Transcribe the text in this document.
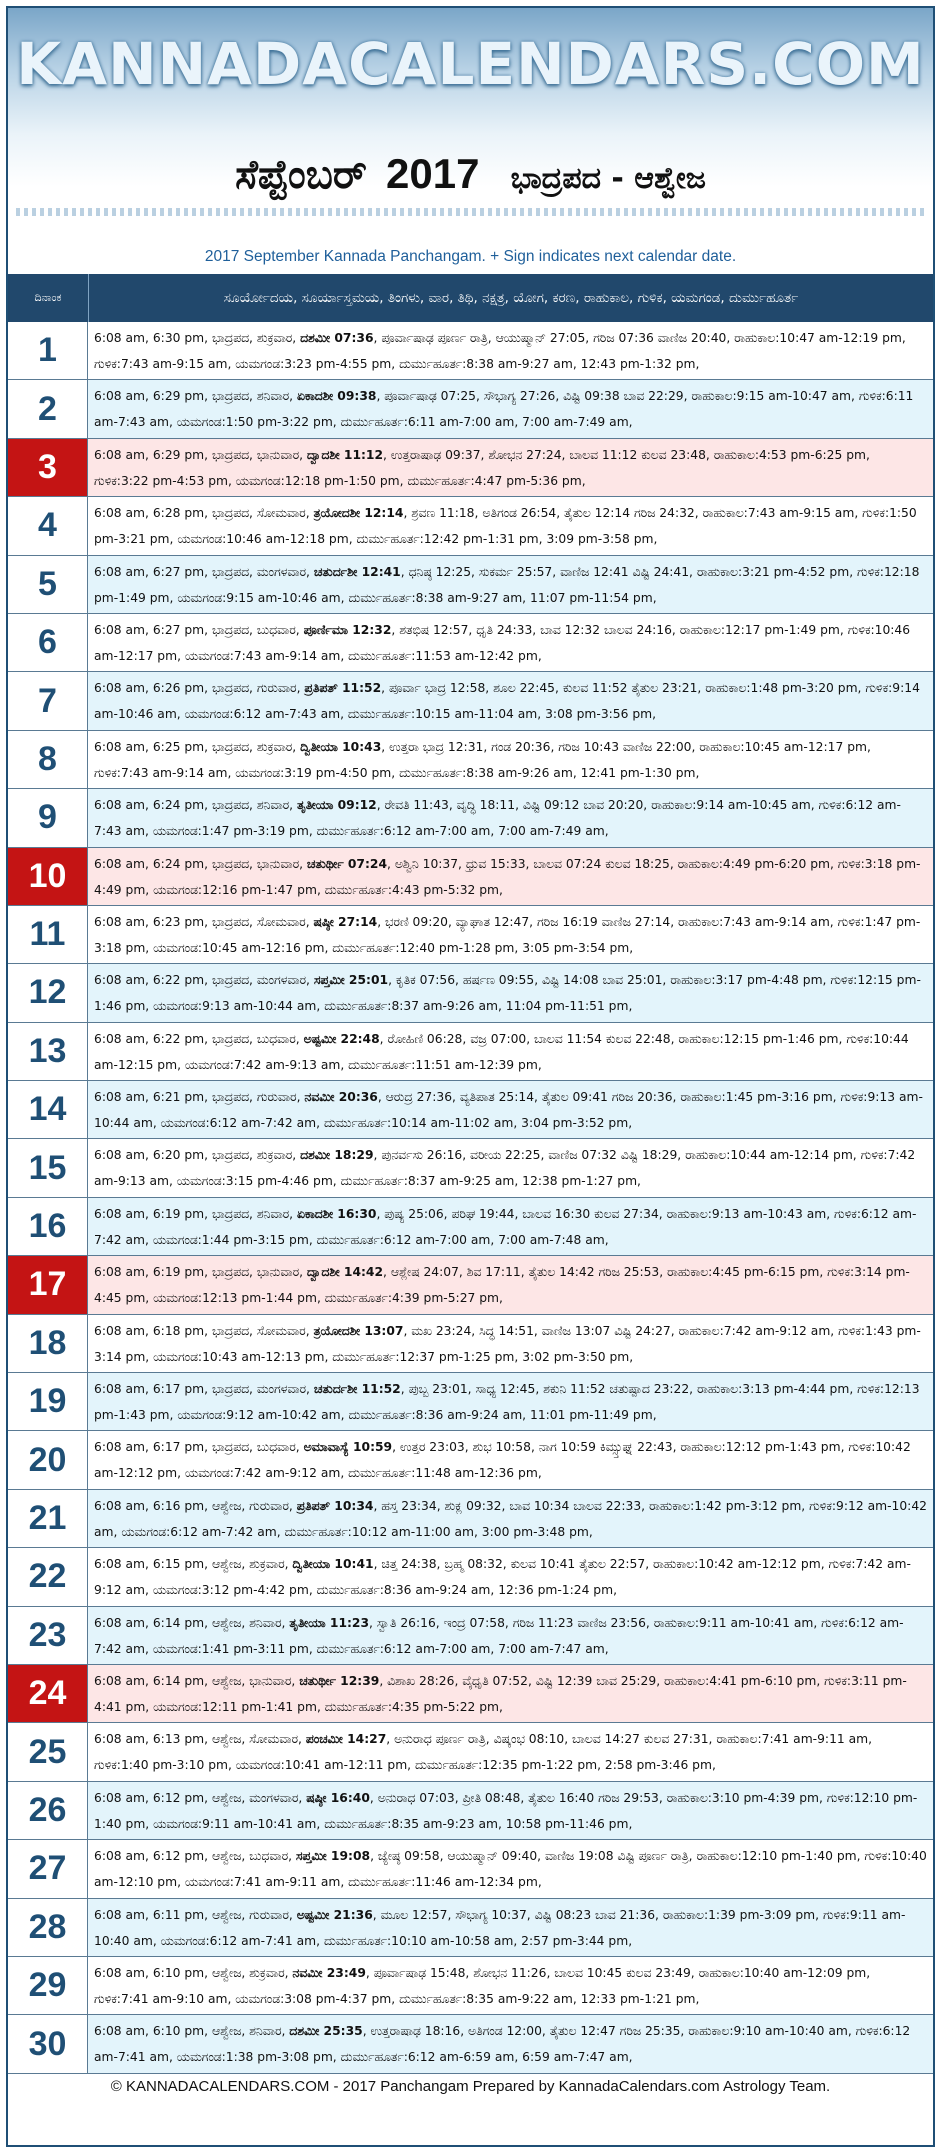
KANNADACALENDARS.COM
ಸೆಪ್ಟೆಂಬರ್ 2017 ಭಾದ್ರಪದ - ಆಶ್ವೇಜ
2017 September Kannada Panchangam. + Sign indicates next calendar date.
ದಿನಾಂಕ	ಸೂರ್ಯೋದಯ, ಸೂರ್ಯಾಸ್ತಮಯ, ತಿಂಗಳು, ವಾರ, ತಿಥಿ, ನಕ್ಷತ್ರ, ಯೋಗ, ಕರಣ, ರಾಹುಕಾಲ, ಗುಳಿಕ, ಯಮಗಂಡ, ದುರ್ಮುಹೂರ್ತ
1	6:08 am, 6:30 pm, ಭಾದ್ರಪದ, ಶುಕ್ರವಾರ, ದಶಮೀ 07:36, ಪೂರ್ವಾಷಾಢ ಪೂರ್ಣ ರಾತ್ರಿ, ಆಯುಷ್ಮಾನ್ 27:05, ಗರಿಜ 07:36 ವಾಣಿಜ 20:40, ರಾಹುಕಾಲ:10:47 am-12:19 pm, ಗುಳಿಕ:7:43 am-9:15 am, ಯಮಗಂಡ:3:23 pm-4:55 pm, ದುರ್ಮುಹೂರ್ತ:8:38 am-9:27 am, 12:43 pm-1:32 pm,
2	6:08 am, 6:29 pm, ಭಾದ್ರಪದ, ಶನಿವಾರ, ಏಕಾದಶೀ 09:38, ಪೂರ್ವಾಷಾಢ 07:25, ಸೌಭಾಗ್ಯ 27:26, ವಿಷ್ಟಿ 09:38 ಬಾವ 22:29, ರಾಹುಕಾಲ:9:15 am-10:47 am, ಗುಳಿಕ:6:11 am-7:43 am, ಯಮಗಂಡ:1:50 pm-3:22 pm, ದುರ್ಮುಹೂರ್ತ:6:11 am-7:00 am, 7:00 am-7:49 am,
3	6:08 am, 6:29 pm, ಭಾದ್ರಪದ, ಭಾನುವಾರ, ದ್ವಾದಶೀ 11:12, ಉತ್ತರಾಷಾಢ 09:37, ಶೋಭನ 27:24, ಬಾಲವ 11:12 ಕುಲವ 23:48, ರಾಹುಕಾಲ:4:53 pm-6:25 pm, ಗುಳಿಕ:3:22 pm-4:53 pm, ಯಮಗಂಡ:12:18 pm-1:50 pm, ದುರ್ಮುಹೂರ್ತ:4:47 pm-5:36 pm,
4	6:08 am, 6:28 pm, ಭಾದ್ರಪದ, ಸೋಮವಾರ, ತ್ರಯೋದಶೀ 12:14, ಶ್ರವಣ 11:18, ಅತಿಗಂಡ 26:54, ತೈತುಲ 12:14 ಗರಿಜ 24:32, ರಾಹುಕಾಲ:7:43 am-9:15 am, ಗುಳಿಕ:1:50 pm-3:21 pm, ಯಮಗಂಡ:10:46 am-12:18 pm, ದುರ್ಮುಹೂರ್ತ:12:42 pm-1:31 pm, 3:09 pm-3:58 pm,
5	6:08 am, 6:27 pm, ಭಾದ್ರಪದ, ಮಂಗಳವಾರ, ಚತುರ್ದಶೀ 12:41, ಧನಿಷ್ಠ 12:25, ಸುಕರ್ಮ 25:57, ವಾಣಿಜ 12:41 ವಿಷ್ಟಿ 24:41, ರಾಹುಕಾಲ:3:21 pm-4:52 pm, ಗುಳಿಕ:12:18 pm-1:49 pm, ಯಮಗಂಡ:9:15 am-10:46 am, ದುರ್ಮುಹೂರ್ತ:8:38 am-9:27 am, 11:07 pm-11:54 pm,
6	6:08 am, 6:27 pm, ಭಾದ್ರಪದ, ಬುಧವಾರ, ಪೂರ್ಣಿಮಾ 12:32, ಶತಭಿಷ 12:57, ಧೃತಿ 24:33, ಬಾವ 12:32 ಬಾಲವ 24:16, ರಾಹುಕಾಲ:12:17 pm-1:49 pm, ಗುಳಿಕ:10:46 am-12:17 pm, ಯಮಗಂಡ:7:43 am-9:14 am, ದುರ್ಮುಹೂರ್ತ:11:53 am-12:42 pm,
7	6:08 am, 6:26 pm, ಭಾದ್ರಪದ, ಗುರುವಾರ, ಪ್ರತಿಪತ್ 11:52, ಪೂರ್ವಾ ಭಾದ್ರ 12:58, ಶೂಲ 22:45, ಕುಲವ 11:52 ತೈತುಲ 23:21, ರಾಹುಕಾಲ:1:48 pm-3:20 pm, ಗುಳಿಕ:9:14 am-10:46 am, ಯಮಗಂಡ:6:12 am-7:43 am, ದುರ್ಮುಹೂರ್ತ:10:15 am-11:04 am, 3:08 pm-3:56 pm,
8	6:08 am, 6:25 pm, ಭಾದ್ರಪದ, ಶುಕ್ರವಾರ, ದ್ವಿತೀಯಾ 10:43, ಉತ್ತರಾ ಭಾದ್ರ 12:31, ಗಂಡ 20:36, ಗರಿಜ 10:43 ವಾಣಿಜ 22:00, ರಾಹುಕಾಲ:10:45 am-12:17 pm, ಗುಳಿಕ:7:43 am-9:14 am, ಯಮಗಂಡ:3:19 pm-4:50 pm, ದುರ್ಮುಹೂರ್ತ:8:38 am-9:26 am, 12:41 pm-1:30 pm,
9	6:08 am, 6:24 pm, ಭಾದ್ರಪದ, ಶನಿವಾರ, ತೃತೀಯಾ 09:12, ರೇವತಿ 11:43, ವೃದ್ಧಿ 18:11, ವಿಷ್ಟಿ 09:12 ಬಾವ 20:20, ರಾಹುಕಾಲ:9:14 am-10:45 am, ಗುಳಿಕ:6:12 am-7:43 am, ಯಮಗಂಡ:1:47 pm-3:19 pm, ದುರ್ಮುಹೂರ್ತ:6:12 am-7:00 am, 7:00 am-7:49 am,
10	6:08 am, 6:24 pm, ಭಾದ್ರಪದ, ಭಾನುವಾರ, ಚತುರ್ಥೀ 07:24, ಅಶ್ವಿನಿ 10:37, ಧ್ರುವ 15:33, ಬಾಲವ 07:24 ಕುಲವ 18:25, ರಾಹುಕಾಲ:4:49 pm-6:20 pm, ಗುಳಿಕ:3:18 pm-4:49 pm, ಯಮಗಂಡ:12:16 pm-1:47 pm, ದುರ್ಮುಹೂರ್ತ:4:43 pm-5:32 pm,
11	6:08 am, 6:23 pm, ಭಾದ್ರಪದ, ಸೋಮವಾರ, ಷಷ್ಠೀ 27:14, ಭರಣಿ 09:20, ವ್ಯಾಘಾತ 12:47, ಗರಿಜ 16:19 ವಾಣಿಜ 27:14, ರಾಹುಕಾಲ:7:43 am-9:14 am, ಗುಳಿಕ:1:47 pm-3:18 pm, ಯಮಗಂಡ:10:45 am-12:16 pm, ದುರ್ಮುಹೂರ್ತ:12:40 pm-1:28 pm, 3:05 pm-3:54 pm,
12	6:08 am, 6:22 pm, ಭಾದ್ರಪದ, ಮಂಗಳವಾರ, ಸಪ್ತಮೀ 25:01, ಕೃತಿಕ 07:56, ಹರ್ಷಣ 09:55, ವಿಷ್ಟಿ 14:08 ಬಾವ 25:01, ರಾಹುಕಾಲ:3:17 pm-4:48 pm, ಗುಳಿಕ:12:15 pm-1:46 pm, ಯಮಗಂಡ:9:13 am-10:44 am, ದುರ್ಮುಹೂರ್ತ:8:37 am-9:26 am, 11:04 pm-11:51 pm,
13	6:08 am, 6:22 pm, ಭಾದ್ರಪದ, ಬುಧವಾರ, ಅಷ್ಟಮೀ 22:48, ರೋಹಿಣಿ 06:28, ವಜ್ರ 07:00, ಬಾಲವ 11:54 ಕುಲವ 22:48, ರಾಹುಕಾಲ:12:15 pm-1:46 pm, ಗುಳಿಕ:10:44 am-12:15 pm, ಯಮಗಂಡ:7:42 am-9:13 am, ದುರ್ಮುಹೂರ್ತ:11:51 am-12:39 pm,
14	6:08 am, 6:21 pm, ಭಾದ್ರಪದ, ಗುರುವಾರ, ನವಮೀ 20:36, ಆರುದ್ರ 27:36, ವ್ಯತಿಪಾತ 25:14, ತೈತುಲ 09:41 ಗರಿಜ 20:36, ರಾಹುಕಾಲ:1:45 pm-3:16 pm, ಗುಳಿಕ:9:13 am-10:44 am, ಯಮಗಂಡ:6:12 am-7:42 am, ದುರ್ಮುಹೂರ್ತ:10:14 am-11:02 am, 3:04 pm-3:52 pm,
15	6:08 am, 6:20 pm, ಭಾದ್ರಪದ, ಶುಕ್ರವಾರ, ದಶಮೀ 18:29, ಪುನರ್ವಸು 26:16, ವರೀಯ 22:25, ವಾಣಿಜ 07:32 ವಿಷ್ಟಿ 18:29, ರಾಹುಕಾಲ:10:44 am-12:14 pm, ಗುಳಿಕ:7:42 am-9:13 am, ಯಮಗಂಡ:3:15 pm-4:46 pm, ದುರ್ಮುಹೂರ್ತ:8:37 am-9:25 am, 12:38 pm-1:27 pm,
16	6:08 am, 6:19 pm, ಭಾದ್ರಪದ, ಶನಿವಾರ, ಏಕಾದಶೀ 16:30, ಪುಷ್ಯ 25:06, ಪರಿಘ 19:44, ಬಾಲವ 16:30 ಕುಲವ 27:34, ರಾಹುಕಾಲ:9:13 am-10:43 am, ಗುಳಿಕ:6:12 am-7:42 am, ಯಮಗಂಡ:1:44 pm-3:15 pm, ದುರ್ಮುಹೂರ್ತ:6:12 am-7:00 am, 7:00 am-7:48 am,
17	6:08 am, 6:19 pm, ಭಾದ್ರಪದ, ಭಾನುವಾರ, ದ್ವಾದಶೀ 14:42, ಆಶ್ಲೇಷ 24:07, ಶಿವ 17:11, ತೈತುಲ 14:42 ಗರಿಜ 25:53, ರಾಹುಕಾಲ:4:45 pm-6:15 pm, ಗುಳಿಕ:3:14 pm-4:45 pm, ಯಮಗಂಡ:12:13 pm-1:44 pm, ದುರ್ಮುಹೂರ್ತ:4:39 pm-5:27 pm,
18	6:08 am, 6:18 pm, ಭಾದ್ರಪದ, ಸೋಮವಾರ, ತ್ರಯೋದಶೀ 13:07, ಮಖ 23:24, ಸಿದ್ಧ 14:51, ವಾಣಿಜ 13:07 ವಿಷ್ಟಿ 24:27, ರಾಹುಕಾಲ:7:42 am-9:12 am, ಗುಳಿಕ:1:43 pm-3:14 pm, ಯಮಗಂಡ:10:43 am-12:13 pm, ದುರ್ಮುಹೂರ್ತ:12:37 pm-1:25 pm, 3:02 pm-3:50 pm,
19	6:08 am, 6:17 pm, ಭಾದ್ರಪದ, ಮಂಗಳವಾರ, ಚತುರ್ದಶೀ 11:52, ಪುಬ್ಬ 23:01, ಸಾಧ್ಯ 12:45, ಶಕುನಿ 11:52 ಚತುಷ್ಪಾದ 23:22, ರಾಹುಕಾಲ:3:13 pm-4:44 pm, ಗುಳಿಕ:12:13 pm-1:43 pm, ಯಮಗಂಡ:9:12 am-10:42 am, ದುರ್ಮುಹೂರ್ತ:8:36 am-9:24 am, 11:01 pm-11:49 pm,
20	6:08 am, 6:17 pm, ಭಾದ್ರಪದ, ಬುಧವಾರ, ಅಮಾವಾಸ್ಯೆ 10:59, ಉತ್ತರ 23:03, ಶುಭ 10:58, ನಾಗ 10:59 ಕಿಮ್ಸ್ತುಘ್ನ 22:43, ರಾಹುಕಾಲ:12:12 pm-1:43 pm, ಗುಳಿಕ:10:42 am-12:12 pm, ಯಮಗಂಡ:7:42 am-9:12 am, ದುರ್ಮುಹೂರ್ತ:11:48 am-12:36 pm,
21	6:08 am, 6:16 pm, ಆಶ್ವೇಜ, ಗುರುವಾರ, ಪ್ರತಿಪತ್ 10:34, ಹಸ್ತ 23:34, ಶುಕ್ಲ 09:32, ಬಾವ 10:34 ಬಾಲವ 22:33, ರಾಹುಕಾಲ:1:42 pm-3:12 pm, ಗುಳಿಕ:9:12 am-10:42 am, ಯಮಗಂಡ:6:12 am-7:42 am, ದುರ್ಮುಹೂರ್ತ:10:12 am-11:00 am, 3:00 pm-3:48 pm,
22	6:08 am, 6:15 pm, ಆಶ್ವೇಜ, ಶುಕ್ರವಾರ, ದ್ವಿತೀಯಾ 10:41, ಚಿತ್ತ 24:38, ಬ್ರಹ್ಮ 08:32, ಕುಲವ 10:41 ತೈತುಲ 22:57, ರಾಹುಕಾಲ:10:42 am-12:12 pm, ಗುಳಿಕ:7:42 am-9:12 am, ಯಮಗಂಡ:3:12 pm-4:42 pm, ದುರ್ಮುಹೂರ್ತ:8:36 am-9:24 am, 12:36 pm-1:24 pm,
23	6:08 am, 6:14 pm, ಆಶ್ವೇಜ, ಶನಿವಾರ, ತೃತೀಯಾ 11:23, ಸ್ವಾತಿ 26:16, ಇಂದ್ರ 07:58, ಗರಿಜ 11:23 ವಾಣಿಜ 23:56, ರಾಹುಕಾಲ:9:11 am-10:41 am, ಗುಳಿಕ:6:12 am-7:42 am, ಯಮಗಂಡ:1:41 pm-3:11 pm, ದುರ್ಮುಹೂರ್ತ:6:12 am-7:00 am, 7:00 am-7:47 am,
24	6:08 am, 6:14 pm, ಆಶ್ವೇಜ, ಭಾನುವಾರ, ಚತುರ್ಥೀ 12:39, ವಿಶಾಖ 28:26, ವೈಧೃತಿ 07:52, ವಿಷ್ಟಿ 12:39 ಬಾವ 25:29, ರಾಹುಕಾಲ:4:41 pm-6:10 pm, ಗುಳಿಕ:3:11 pm-4:41 pm, ಯಮಗಂಡ:12:11 pm-1:41 pm, ದುರ್ಮುಹೂರ್ತ:4:35 pm-5:22 pm,
25	6:08 am, 6:13 pm, ಆಶ್ವೇಜ, ಸೋಮವಾರ, ಪಂಚಮೀ 14:27, ಅನುರಾಧ ಪೂರ್ಣ ರಾತ್ರಿ, ವಿಷ್ಕಂಭ 08:10, ಬಾಲವ 14:27 ಕುಲವ 27:31, ರಾಹುಕಾಲ:7:41 am-9:11 am, ಗುಳಿಕ:1:40 pm-3:10 pm, ಯಮಗಂಡ:10:41 am-12:11 pm, ದುರ್ಮುಹೂರ್ತ:12:35 pm-1:22 pm, 2:58 pm-3:46 pm,
26	6:08 am, 6:12 pm, ಆಶ್ವೇಜ, ಮಂಗಳವಾರ, ಷಷ್ಠೀ 16:40, ಅನುರಾಧ 07:03, ಪ್ರೀತಿ 08:48, ತೈತುಲ 16:40 ಗರಿಜ 29:53, ರಾಹುಕಾಲ:3:10 pm-4:39 pm, ಗುಳಿಕ:12:10 pm-1:40 pm, ಯಮಗಂಡ:9:11 am-10:41 am, ದುರ್ಮುಹೂರ್ತ:8:35 am-9:23 am, 10:58 pm-11:46 pm,
27	6:08 am, 6:12 pm, ಆಶ್ವೇಜ, ಬುಧವಾರ, ಸಪ್ತಮೀ 19:08, ಜ್ಯೇಷ್ಠ 09:58, ಆಯುಷ್ಮಾನ್ 09:40, ವಾಣಿಜ 19:08 ವಿಷ್ಟಿ ಪೂರ್ಣ ರಾತ್ರಿ, ರಾಹುಕಾಲ:12:10 pm-1:40 pm, ಗುಳಿಕ:10:40 am-12:10 pm, ಯಮಗಂಡ:7:41 am-9:11 am, ದುರ್ಮುಹೂರ್ತ:11:46 am-12:34 pm,
28	6:08 am, 6:11 pm, ಆಶ್ವೇಜ, ಗುರುವಾರ, ಅಷ್ಟಮೀ 21:36, ಮೂಲ 12:57, ಸೌಭಾಗ್ಯ 10:37, ವಿಷ್ಟಿ 08:23 ಬಾವ 21:36, ರಾಹುಕಾಲ:1:39 pm-3:09 pm, ಗುಳಿಕ:9:11 am-10:40 am, ಯಮಗಂಡ:6:12 am-7:41 am, ದುರ್ಮುಹೂರ್ತ:10:10 am-10:58 am, 2:57 pm-3:44 pm,
29	6:08 am, 6:10 pm, ಆಶ್ವೇಜ, ಶುಕ್ರವಾರ, ನವಮೀ 23:49, ಪೂರ್ವಾಷಾಢ 15:48, ಶೋಭನ 11:26, ಬಾಲವ 10:45 ಕುಲವ 23:49, ರಾಹುಕಾಲ:10:40 am-12:09 pm, ಗುಳಿಕ:7:41 am-9:10 am, ಯಮಗಂಡ:3:08 pm-4:37 pm, ದುರ್ಮುಹೂರ್ತ:8:35 am-9:22 am, 12:33 pm-1:21 pm,
30	6:08 am, 6:10 pm, ಆಶ್ವೇಜ, ಶನಿವಾರ, ದಶಮೀ 25:35, ಉತ್ತರಾಷಾಢ 18:16, ಅತಿಗಂಡ 12:00, ತೈತುಲ 12:47 ಗರಿಜ 25:35, ರಾಹುಕಾಲ:9:10 am-10:40 am, ಗುಳಿಕ:6:12 am-7:41 am, ಯಮಗಂಡ:1:38 pm-3:08 pm, ದುರ್ಮುಹೂರ್ತ:6:12 am-6:59 am, 6:59 am-7:47 am,
© KANNADACALENDARS.COM - 2017 Panchangam Prepared by KannadaCalendars.com Astrology Team.
